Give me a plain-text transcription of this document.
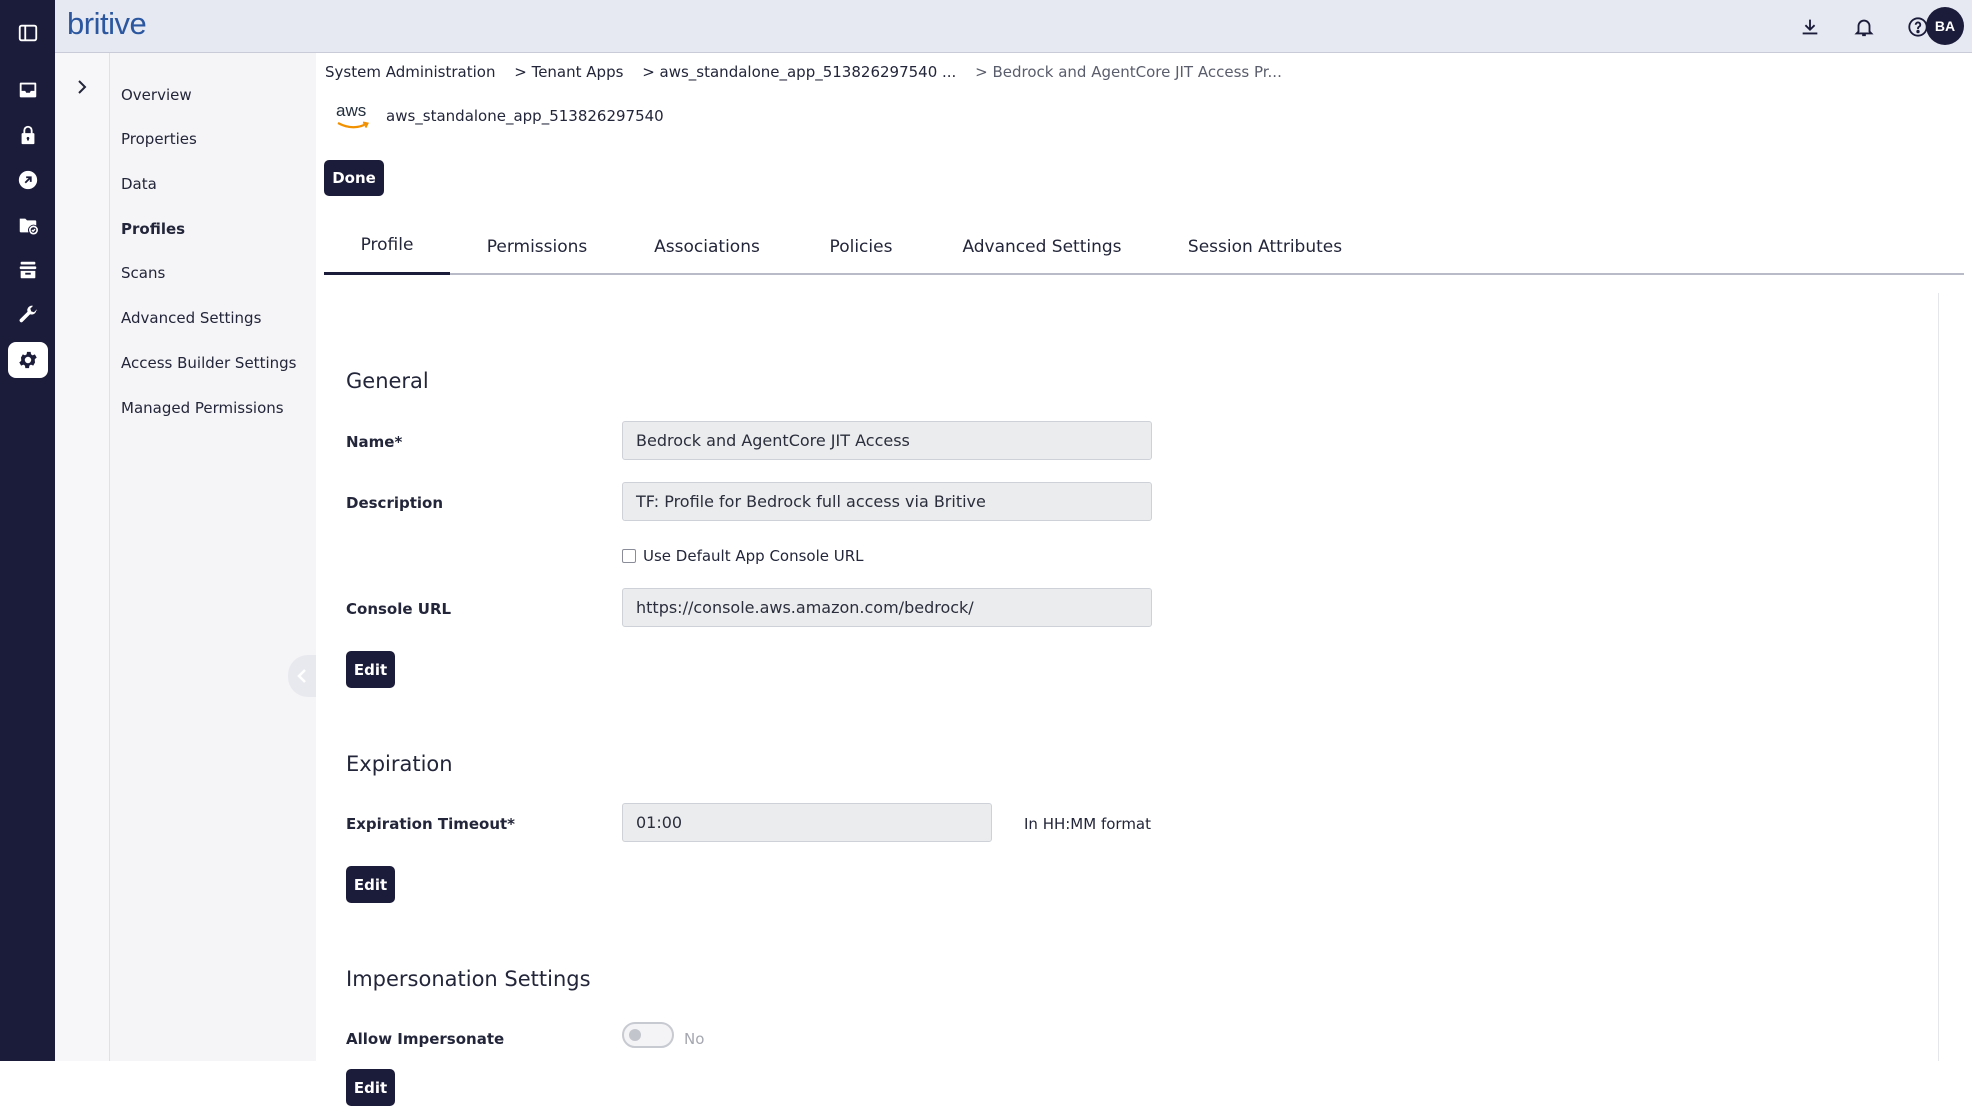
britive	BA
Overview
Properties
Data
Profiles
Scans
Advanced Settings
Access Builder Settings
Managed Permissions
System Administration > Tenant Apps > aws_standalone_app_513826297540 ... > Bedrock and AgentCore JIT Access Pr...
aws aws_standalone_app_513826297540
Done
Profile	Permissions	Associations	Policies	Advanced Settings	Session Attributes
General
Name*	Bedrock and AgentCore JIT Access
Description	TF: Profile for Bedrock full access via Britive
Use Default App Console URL
Console URL	https://console.aws.amazon.com/bedrock/
Edit
Expiration
Expiration Timeout*	01:00	In HH:MM format
Edit
Impersonation Settings
Allow Impersonate	No
Edit
